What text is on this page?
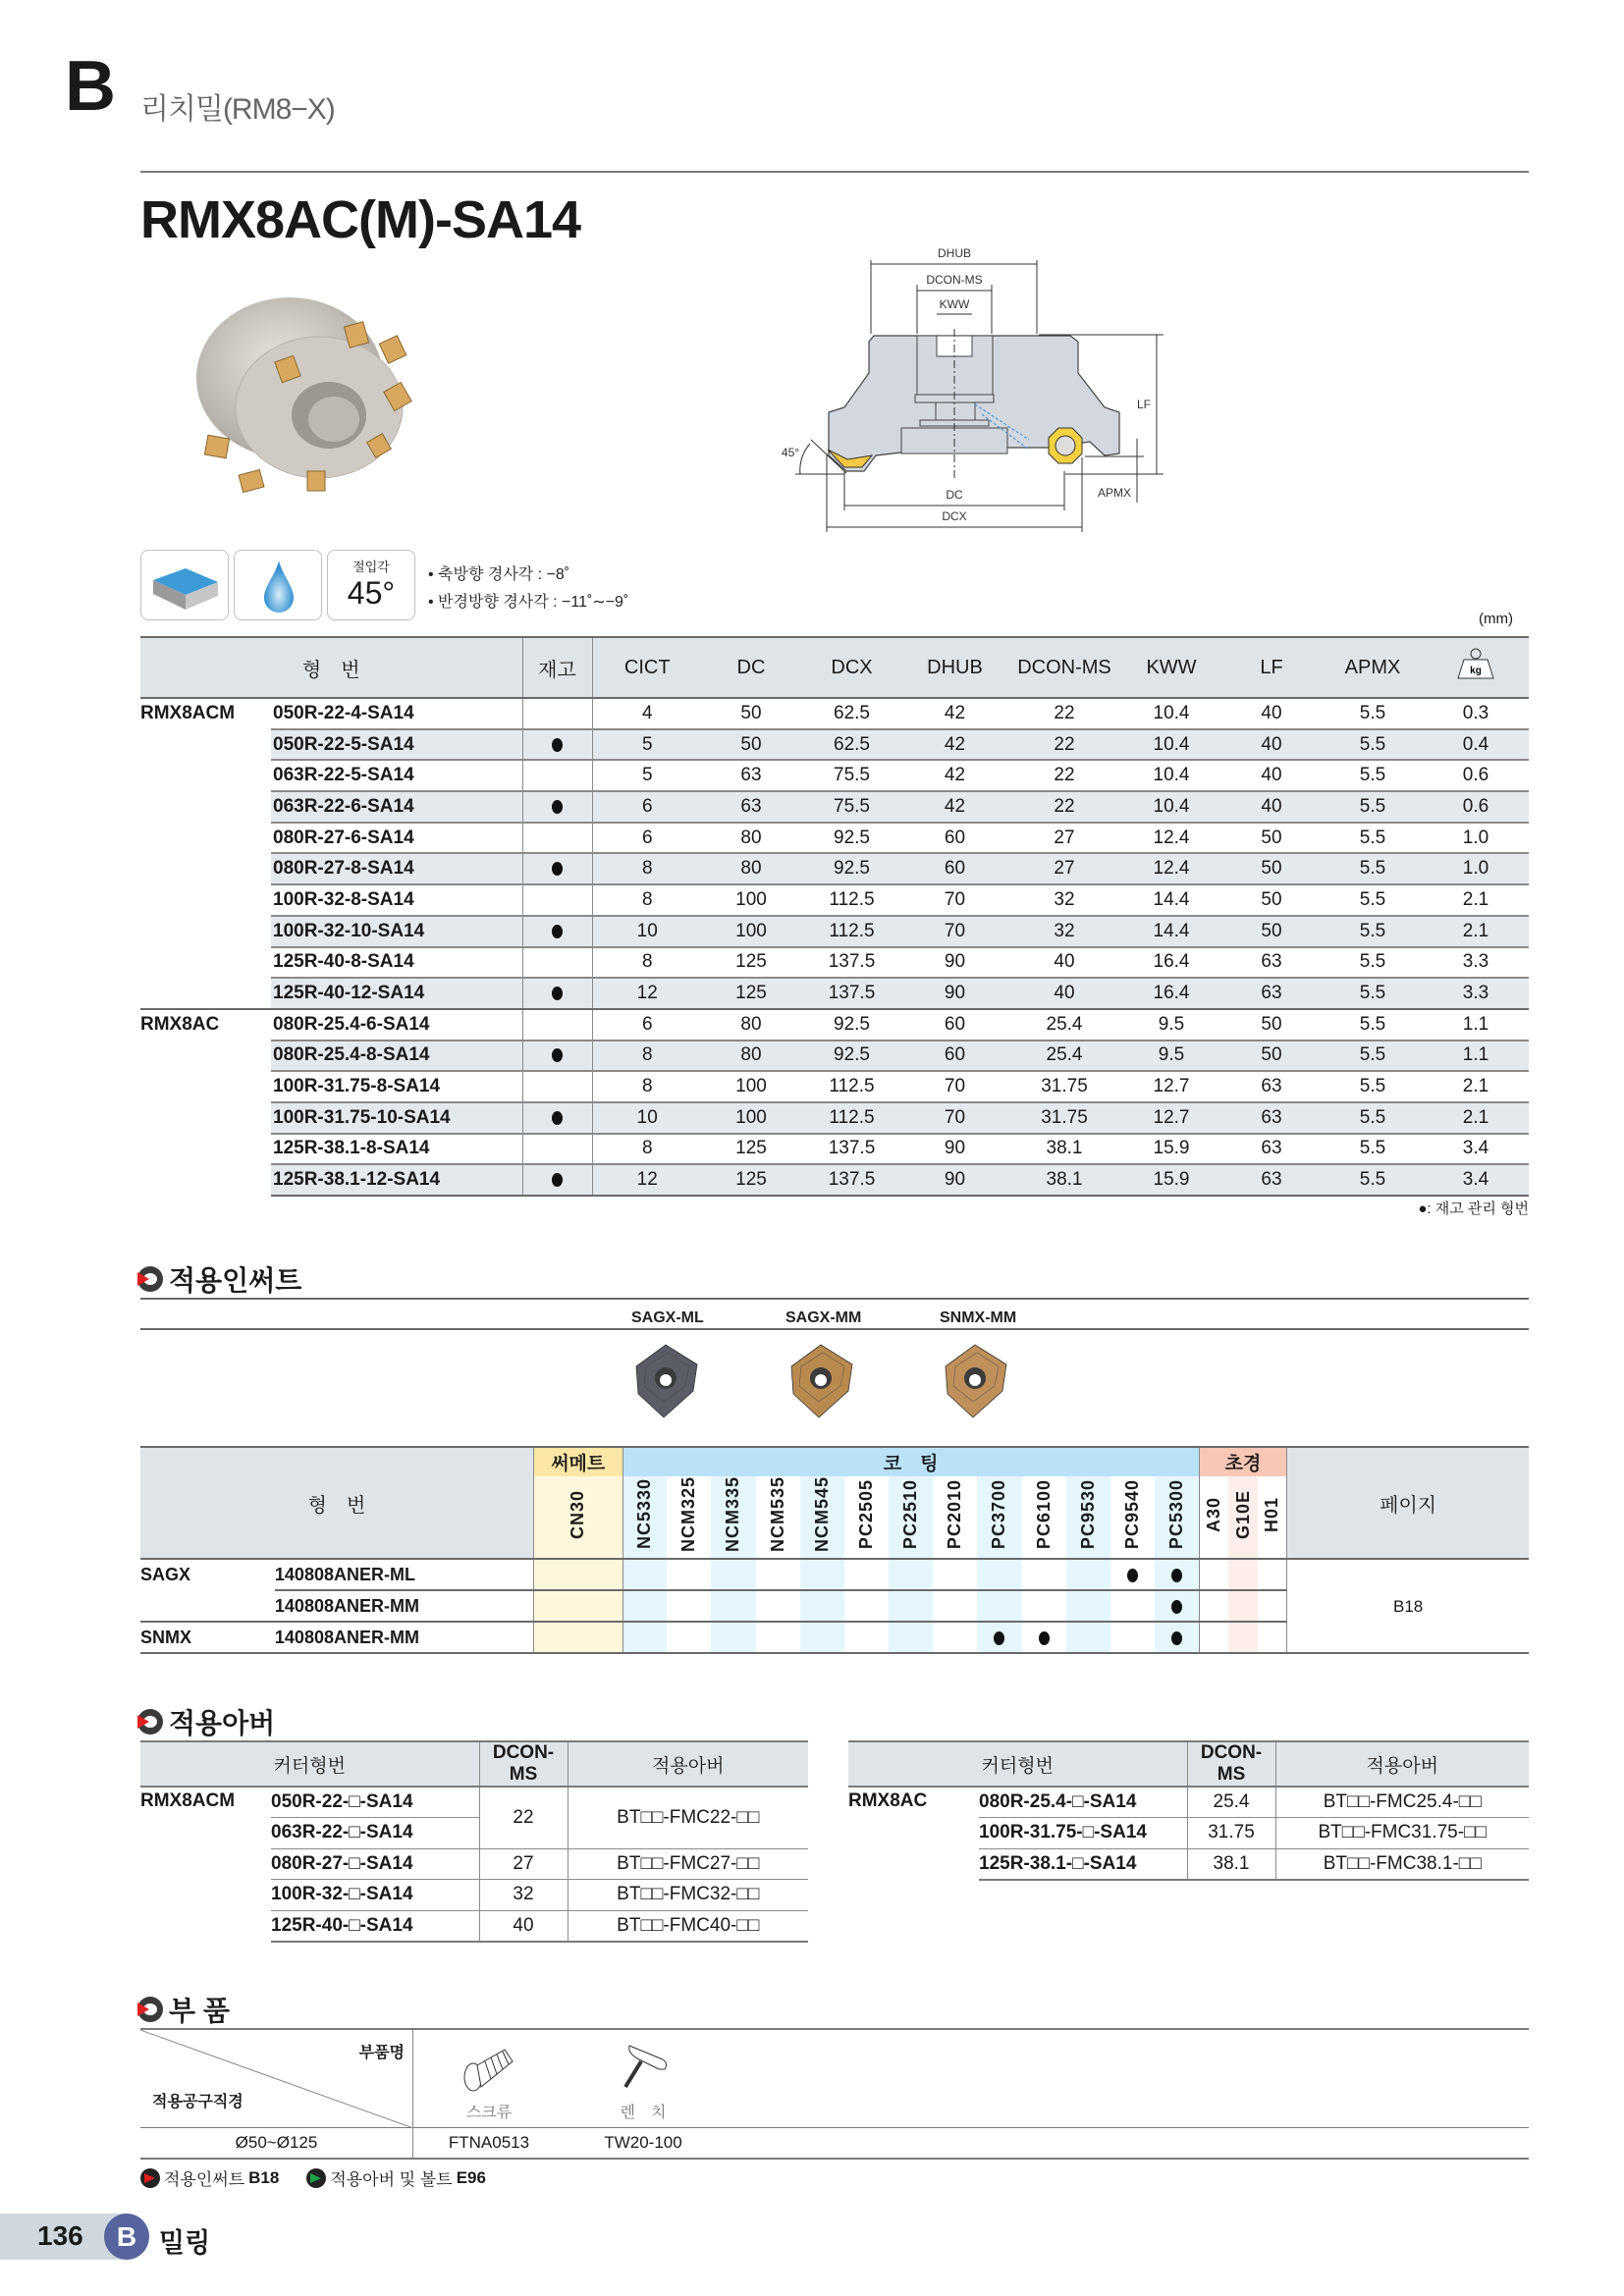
B 리치밀(RM8−X)
RMX8AC(M)-SA14
DHUB
DCON-MS
KWW
LF
APMX
DC
DCX
45°
절입각
45°
• 축방향 경사각 : −8˚
• 반경방향 경사각 : −11˚∼−9˚
(mm)
형　번		재고	CICT	DC	DCX	DHUB	DCON-MS	KWW	LF	APMX	kg

RMX8ACM	050R-22-4-SA14		4	50	62.5	42	22	10.4	40	5.5	0.3
	050R-22-5-SA14		5	50	62.5	42	22	10.4	40	5.5	0.4
	063R-22-5-SA14		5	63	75.5	42	22	10.4	40	5.5	0.6
	063R-22-6-SA14		6	63	75.5	42	22	10.4	40	5.5	0.6
	080R-27-6-SA14		6	80	92.5	60	27	12.4	50	5.5	1.0
	080R-27-8-SA14		8	80	92.5	60	27	12.4	50	5.5	1.0
	100R-32-8-SA14		8	100	112.5	70	32	14.4	50	5.5	2.1
	100R-32-10-SA14		10	100	112.5	70	32	14.4	50	5.5	2.1
	125R-40-8-SA14		8	125	137.5	90	40	16.4	63	5.5	3.3
	125R-40-12-SA14		12	125	137.5	90	40	16.4	63	5.5	3.3
RMX8AC	080R-25.4-6-SA14		6	80	92.5	60	25.4	9.5	50	5.5	1.1
	080R-25.4-8-SA14		8	80	92.5	60	25.4	9.5	50	5.5	1.1
	100R-31.75-8-SA14		8	100	112.5	70	31.75	12.7	63	5.5	2.1
	100R-31.75-10-SA14		10	100	112.5	70	31.75	12.7	63	5.5	2.1
	125R-38.1-8-SA14		8	125	137.5	90	38.1	15.9	63	5.5	3.4
	125R-38.1-12-SA14		12	125	137.5	90	38.1	15.9	63	5.5	3.4
●: 재고 관리 형번
적용인써트
SAGX-ML	SAGX-MM	SNMX-MM
형　번		써메트	코　팅													초경			페이지
		CN30	NC5330	NCM325	NCM335	NCM535	NCM545	PC2505	PC2510	PC2010	PC3700	PC6100	PC9530	PC9540	PC5300	A30	G10E	H01	
SAGX	140808ANER-ML																		B18
	140808ANER-MM																		
SNMX	140808ANER-MM																		

적용아버
커터형번		DCON-MS	적용아버
RMX8ACM	050R-22-□-SA14	22	BT□□-FMC22-□□
	063R-22-□-SA14		
	080R-27-□-SA14	27	BT□□-FMC27-□□
	100R-32-□-SA14	32	BT□□-FMC32-□□
	125R-40-□-SA14	40	BT□□-FMC40-□□
커터형번		DCON-MS	적용아버
RMX8AC	080R-25.4-□-SA14	25.4	BT□□-FMC25.4-□□
	100R-31.75-□-SA14	31.75	BT□□-FMC31.75-□□
	125R-38.1-□-SA14	38.1	BT□□-FMC38.1-□□
부 품
부품명
적용공구직경
스크류	렌　치
Ø50~Ø125	FTNA0513	TW20-100
적용인써트 B18	적용아버 및 볼트 E96
136	B 밀링
